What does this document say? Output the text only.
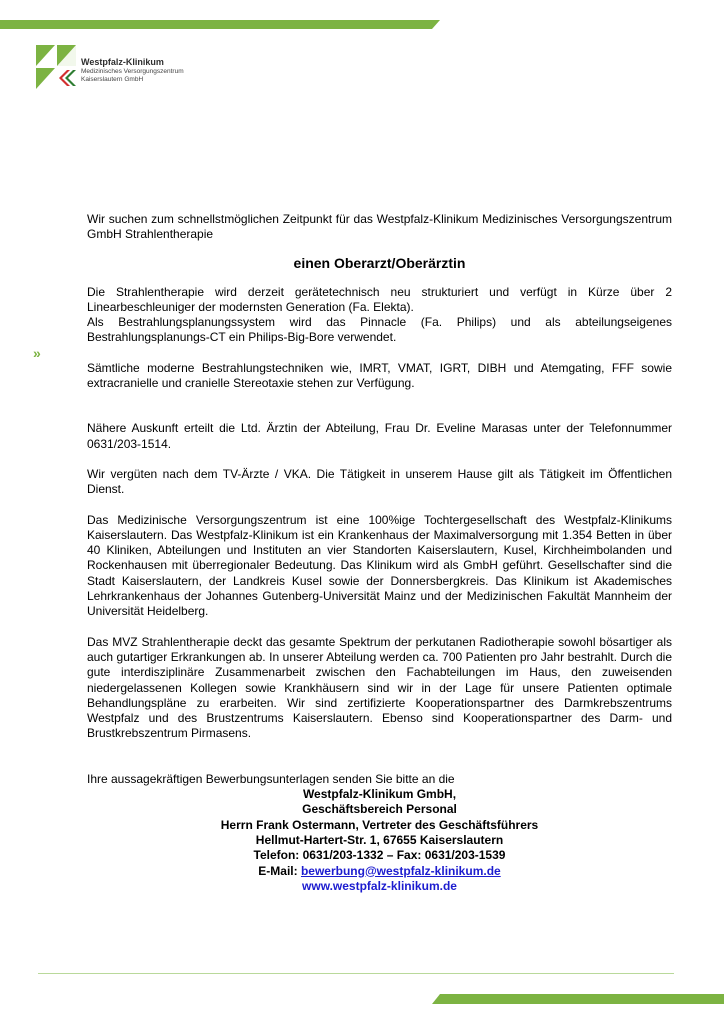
Westpfalz-Klinikum
Medizinisches Versorgungszentrum
Kaiserslautern GmbH
»

Wir suchen zum schnellstmöglichen Zeitpunkt für das Westpfalz-Klinikum Medizinisches Versorgungszentrum GmbH Strahlentherapie

einen Oberarzt/Oberärztin

Die Strahlentherapie wird derzeit gerätetechnisch neu strukturiert und verfügt in Kürze über 2 Linearbeschleuniger der modernsten Generation (Fa. Elekta).

Als Bestrahlungsplanungssystem wird das Pinnacle (Fa. Philips) und als abteilungseigenes Bestrahlungsplanungs-CT ein Philips-Big-Bore verwendet.

Sämtliche moderne Bestrahlungstechniken wie, IMRT, VMAT, IGRT, DIBH und Atemgating, FFF sowie extracranielle und cranielle Stereotaxie stehen zur Verfügung.

Nähere Auskunft erteilt die Ltd. Ärztin der Abteilung, Frau Dr. Eveline Marasas unter der Telefonnummer 0631/203-1514.

Wir vergüten nach dem TV-Ärzte / VKA. Die Tätigkeit in unserem Hause gilt als Tätigkeit im Öffentlichen Dienst.

Das Medizinische Versorgungszentrum ist eine 100%ige Tochtergesellschaft des Westpfalz-Klinikums Kaiserslautern. Das Westpfalz-Klinikum ist ein Krankenhaus der Maximalversorgung mit 1.354 Betten in über 40 Kliniken, Abteilungen und Instituten an vier Standorten Kaiserslautern, Kusel, Kirchheimbolanden und Rockenhausen mit überregionaler Bedeutung. Das Klinikum wird als GmbH geführt. Gesellschafter sind die Stadt Kaiserslautern, der Landkreis Kusel sowie der Donnersbergkreis. Das Klinikum ist Akademisches Lehrkrankenhaus der Johannes Gutenberg-Universität Mainz und der Medizinischen Fakultät Mannheim der Universität Heidelberg.

Das MVZ Strahlentherapie deckt das gesamte Spektrum der perkutanen Radiotherapie sowohl bösartiger als auch gutartiger Erkrankungen ab. In unserer Abteilung werden ca. 700 Patienten pro Jahr bestrahlt. Durch die gute interdisziplinäre Zusammenarbeit zwischen den Fachabteilungen im Haus, den zuweisenden niedergelassenen Kollegen sowie Krankhäusern sind wir in der Lage für unsere Patienten optimale Behandlungspläne zu erarbeiten. Wir sind zertifizierte Kooperationspartner des Darmkrebszentrums Westpfalz und des Brustzentrums Kaiserslautern. Ebenso sind Kooperationspartner des Darm- und Brustkrebszentrum Pirmasens.

Ihre aussagekräftigen Bewerbungsunterlagen senden Sie bitte an die

Westpfalz-Klinikum GmbH,

Geschäftsbereich Personal

Herrn Frank Ostermann, Vertreter des Geschäftsführers

Hellmut-Hartert-Str. 1, 67655 Kaiserslautern

Telefon: 0631/203-1332 – Fax: 0631/203-1539

E-Mail: bewerbung@westpfalz-klinikum.de

www.westpfalz-klinikum.de
